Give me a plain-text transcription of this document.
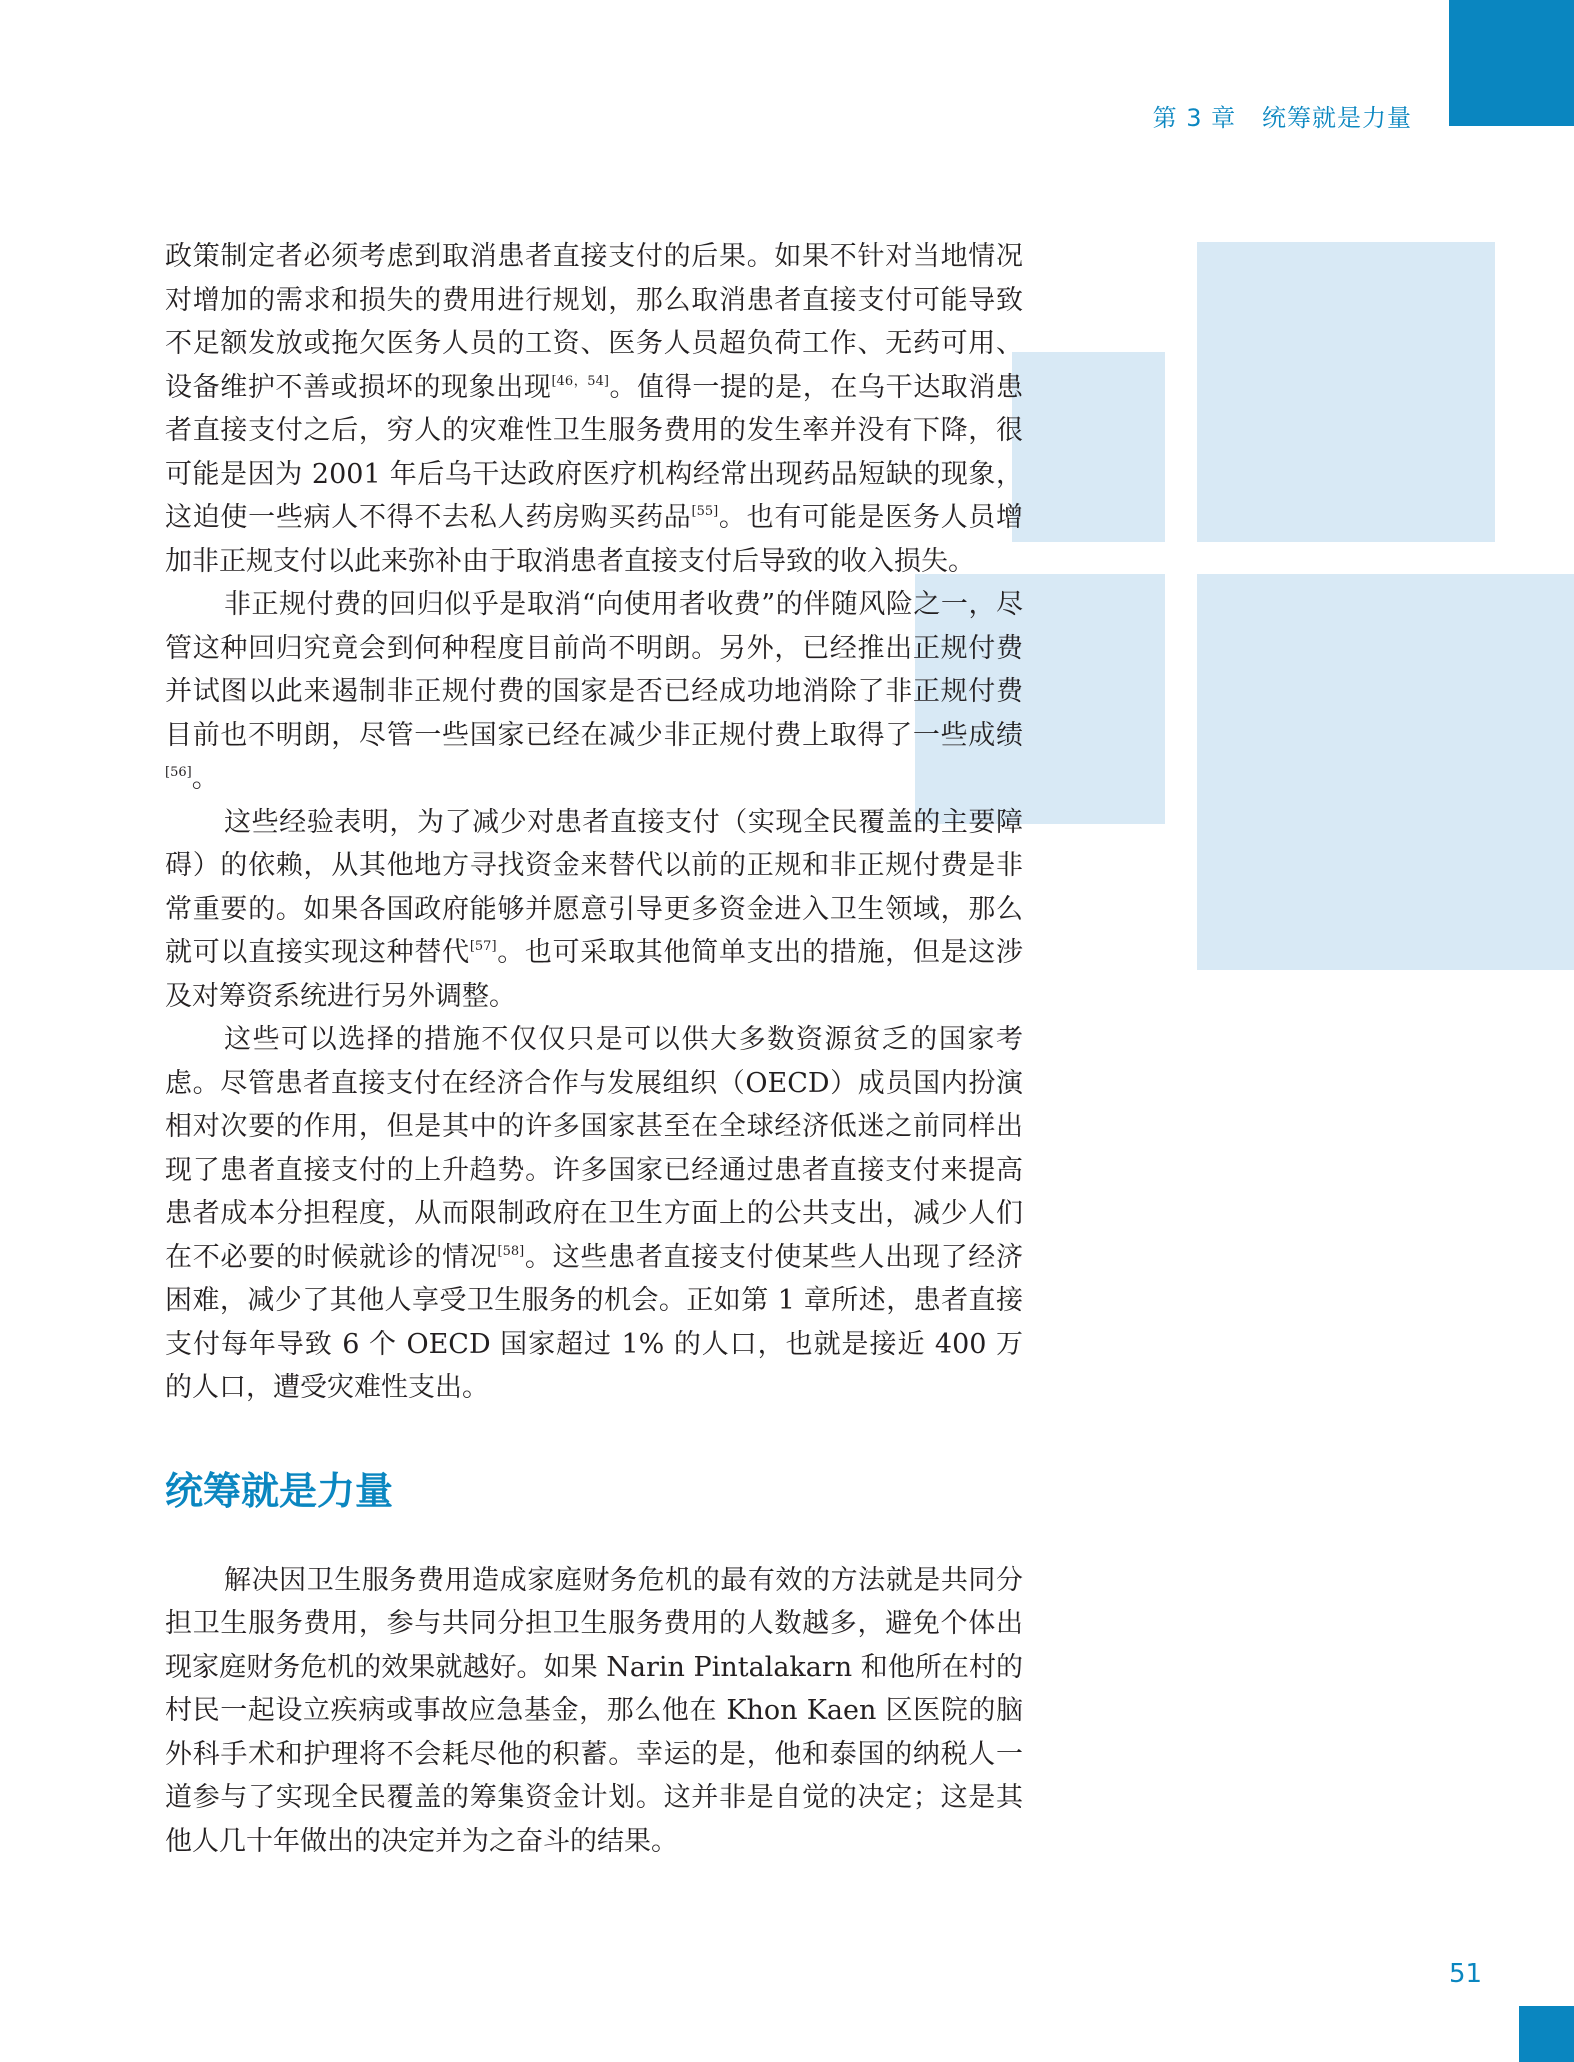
第 3 章 统筹就是力量

政策制定者必须考虑到取消患者直接支付的后果。如果不针对当地情况对增加的需求和损失的费用进行规划，那么取消患者直接支付可能导致不足额发放或拖欠医务人员的工资、医务人员超负荷工作、无药可用、设备维护不善或损坏的现象出现[46，54]。值得一提的是，在乌干达取消患者直接支付之后，穷人的灾难性卫生服务费用的发生率并没有下降，很可能是因为 2001 年后乌干达政府医疗机构经常出现药品短缺的现象，这迫使一些病人不得不去私人药房购买药品[55]。也有可能是医务人员增加非正规支付以此来弥补由于取消患者直接支付后导致的收入损失。

非正规付费的回归似乎是取消“向使用者收费”的伴随风险之一，尽管这种回归究竟会到何种程度目前尚不明朗。另外，已经推出正规付费并试图以此来遏制非正规付费的国家是否已经成功地消除了非正规付费目前也不明朗，尽管一些国家已经在减少非正规付费上取得了一些成绩[56]。

这些经验表明，为了减少对患者直接支付（实现全民覆盖的主要障碍）的依赖，从其他地方寻找资金来替代以前的正规和非正规付费是非常重要的。如果各国政府能够并愿意引导更多资金进入卫生领域，那么就可以直接实现这种替代[57]。也可采取其他简单支出的措施，但是这涉及对筹资系统进行另外调整。

这些可以选择的措施不仅仅只是可以供大多数资源贫乏的国家考虑。尽管患者直接支付在经济合作与发展组织（OECD）成员国内扮演相对次要的作用，但是其中的许多国家甚至在全球经济低迷之前同样出现了患者直接支付的上升趋势。许多国家已经通过患者直接支付来提高患者成本分担程度，从而限制政府在卫生方面上的公共支出，减少人们在不必要的时候就诊的情况[58]。这些患者直接支付使某些人出现了经济困难，减少了其他人享受卫生服务的机会。正如第 1 章所述，患者直接支付每年导致 6 个 OECD 国家超过 1% 的人口，也就是接近 400 万的人口，遭受灾难性支出。

统筹就是力量

解决因卫生服务费用造成家庭财务危机的最有效的方法就是共同分担卫生服务费用，参与共同分担卫生服务费用的人数越多，避免个体出现家庭财务危机的效果就越好。如果 Narin Pintalakarn 和他所在村的村民一起设立疾病或事故应急基金，那么他在 Khon Kaen 区医院的脑外科手术和护理将不会耗尽他的积蓄。幸运的是，他和泰国的纳税人一道参与了实现全民覆盖的筹集资金计划。这并非是自觉的决定；这是其他人几十年做出的决定并为之奋斗的结果。

51
